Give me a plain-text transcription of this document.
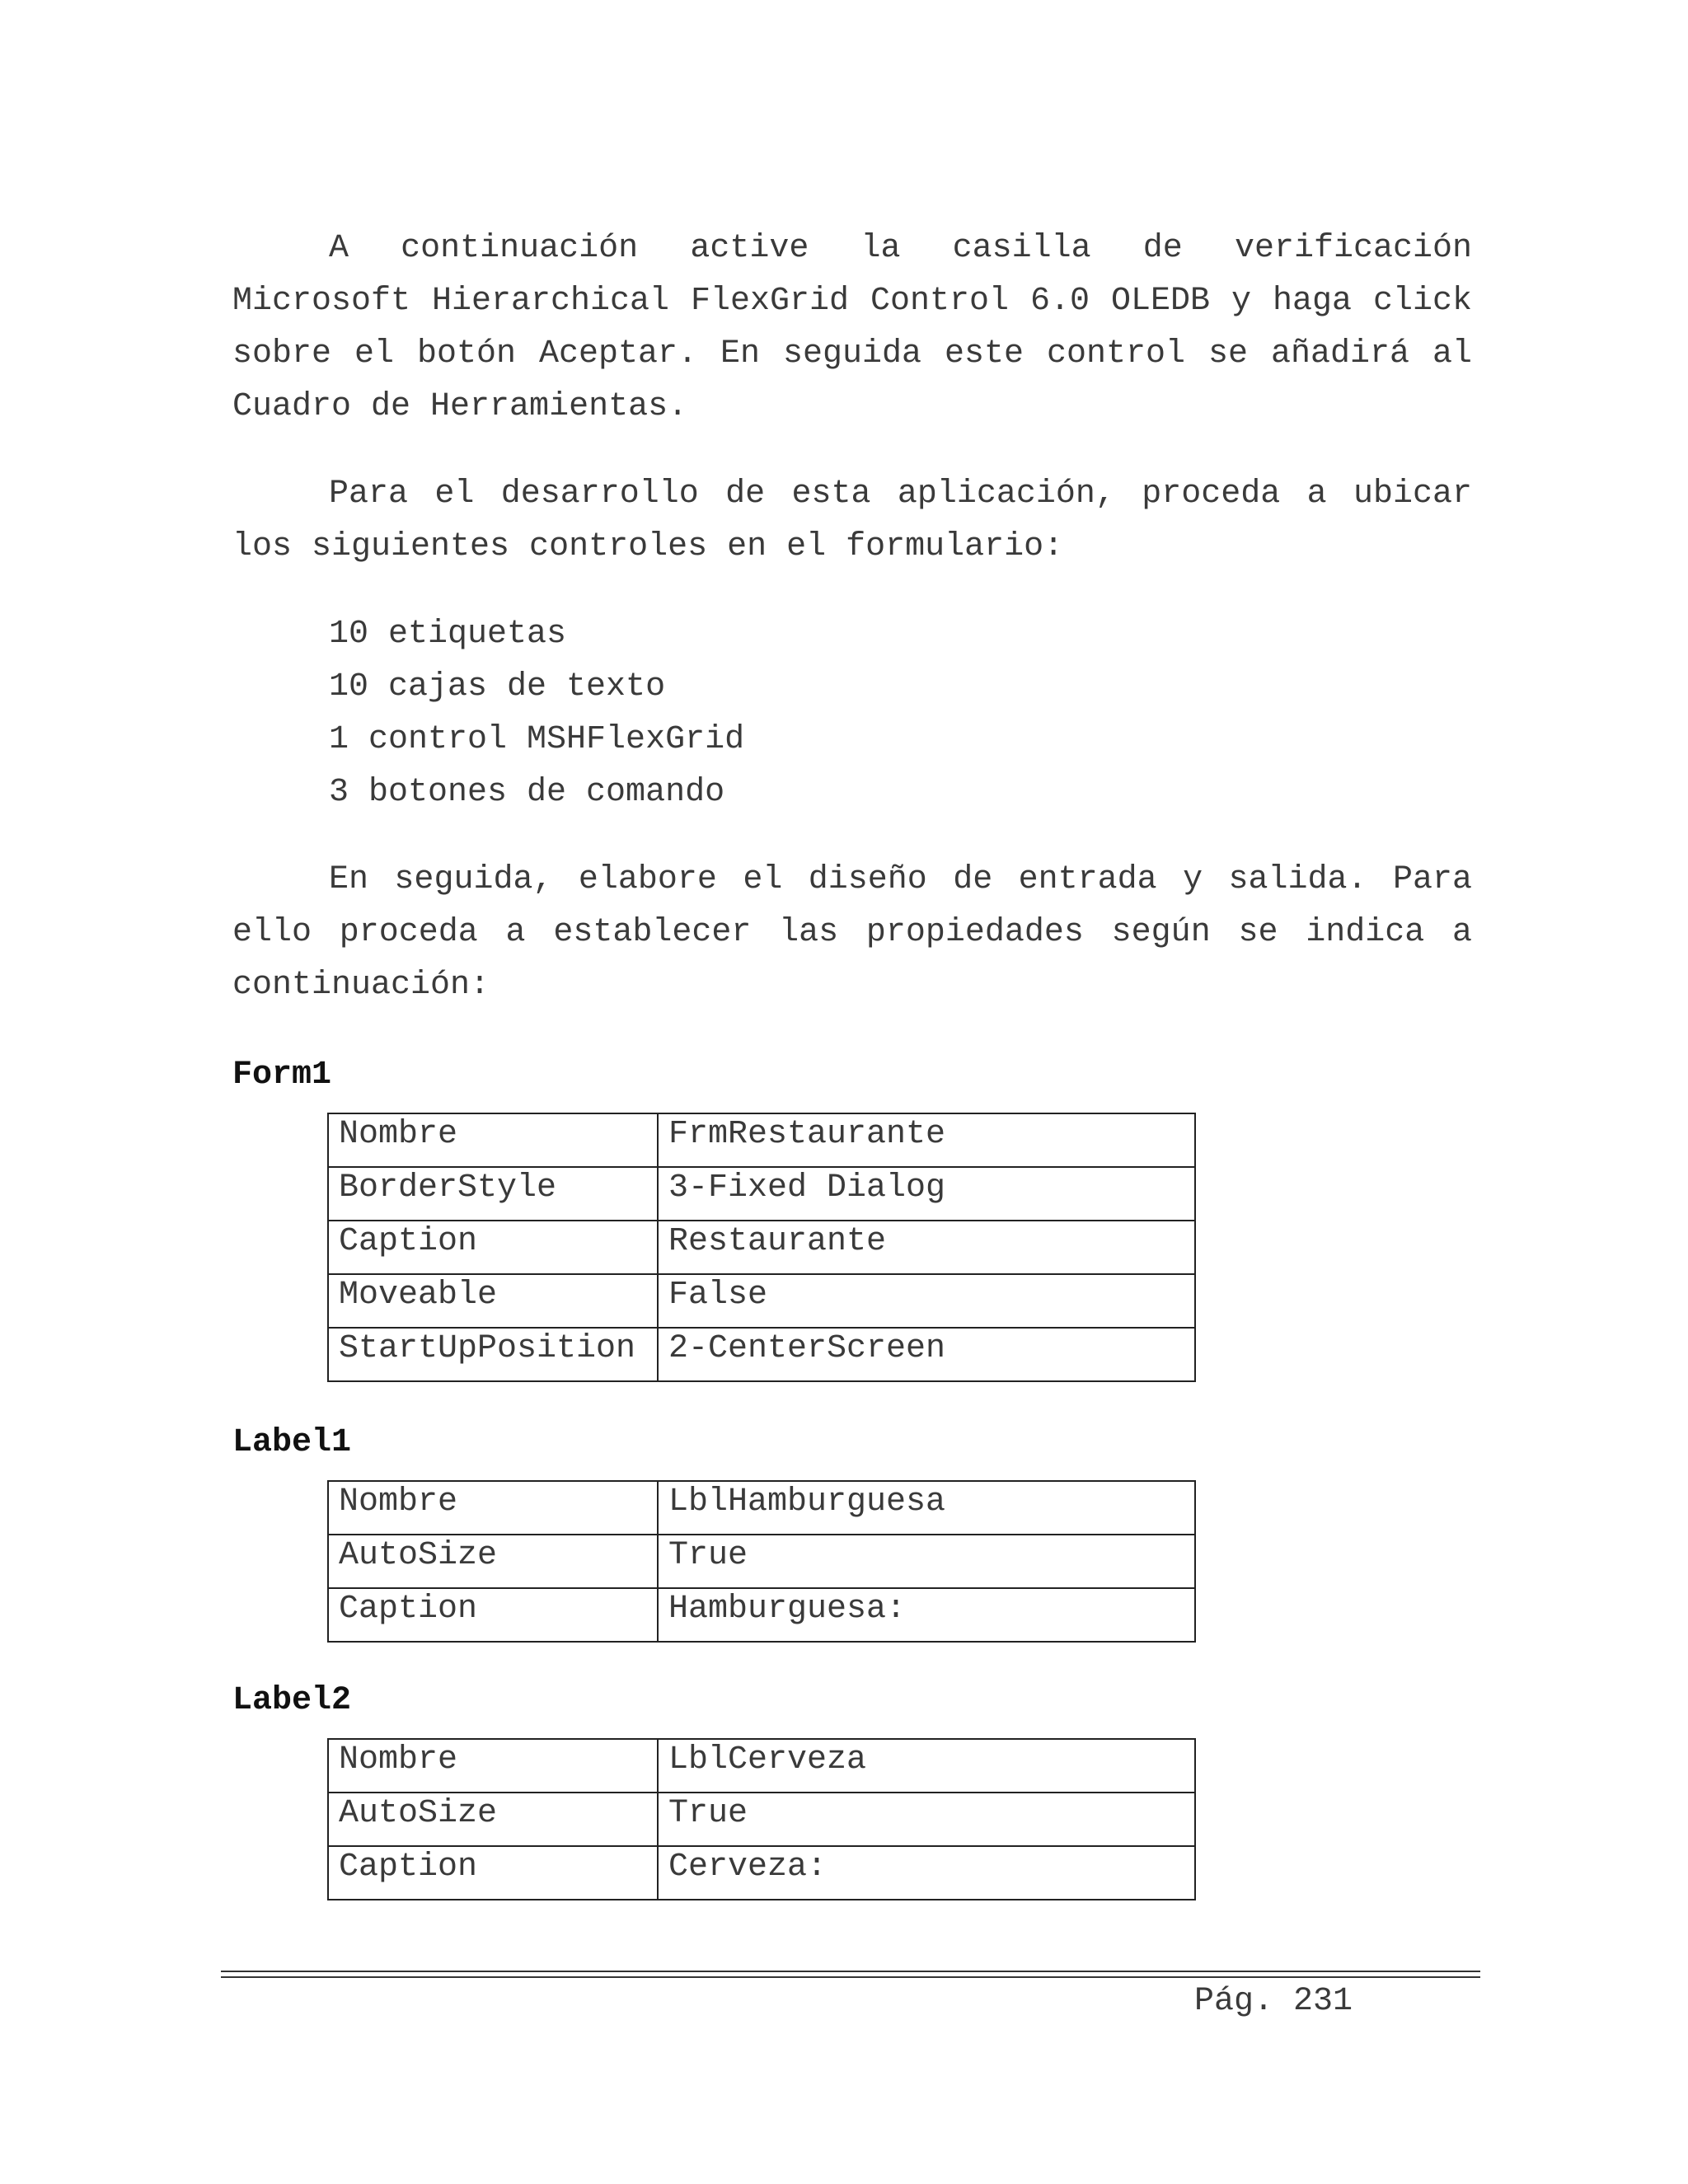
A continuación active la casilla de verificación Microsoft Hierarchical FlexGrid Control 6.0 OLEDB y haga click sobre el botón Aceptar. En seguida este control se añadirá al Cuadro de Herramientas.

Para el desarrollo de esta aplicación, proceda a ubicar los siguientes controles en el formulario:

10 etiquetas
10 cajas de texto
1 control MSHFlexGrid
3 botones de comando

En seguida, elabore el diseño de entrada y salida. Para ello proceda a establecer las propiedades según se indica a continuación:

Form1
Nombre	FrmRestaurante
BorderStyle	3-Fixed Dialog
Caption	Restaurante
Moveable	False
StartUpPosition	2-CenterScreen
Label1
Nombre	LblHamburguesa
AutoSize	True
Caption	Hamburguesa:
Label2
Nombre	LblCerveza
AutoSize	True
Caption	Cerveza:

Pág. 231
